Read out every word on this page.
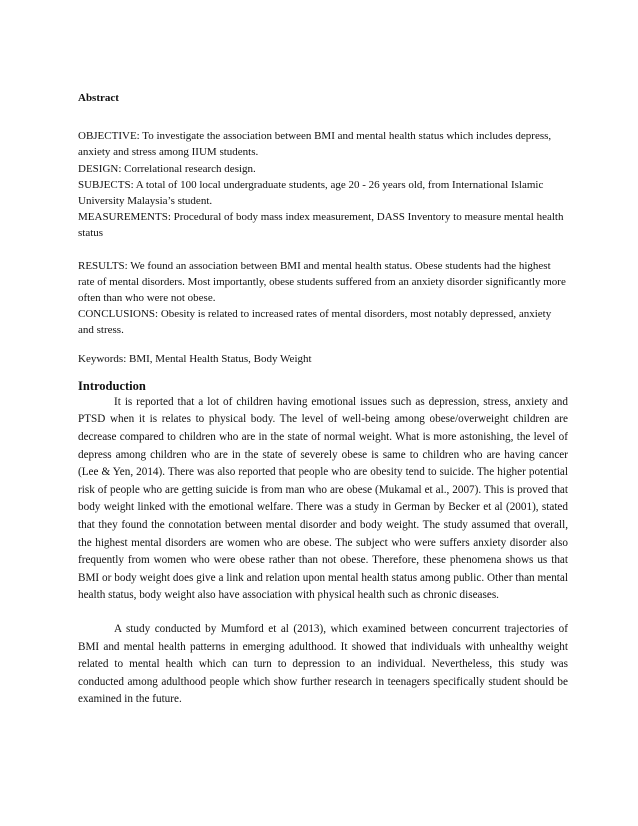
Abstract

OBJECTIVE: To investigate the association between BMI and mental health status which includes depress, anxiety and stress among IIUM students.

DESIGN: Correlational research design.

SUBJECTS: A total of 100 local undergraduate students, age 20 - 26 years old, from International Islamic University Malaysia’s student.

MEASUREMENTS: Procedural of body mass index measurement, DASS Inventory to measure mental health status

RESULTS: We found an association between BMI and mental health status. Obese students had the highest rate of mental disorders. Most importantly, obese students suffered from an anxiety disorder significantly more often than who were not obese.

CONCLUSIONS: Obesity is related to increased rates of mental disorders, most notably depressed, anxiety and stress.

Keywords: BMI, Mental Health Status, Body Weight

Introduction

It is reported that a lot of children having emotional issues such as depression, stress, anxiety and PTSD when it is relates to physical body. The level of well-being among obese/overweight children are decrease compared to children who are in the state of normal weight. What is more astonishing, the level of depress among children who are in the state of severely obese is same to children who are having cancer (Lee & Yen, 2014). There was also reported that people who are obesity tend to suicide. The higher potential risk of people who are getting suicide is from man who are obese (Mukamal et al., 2007). This is proved that body weight linked with the emotional welfare. There was a study in German by Becker et al (2001), stated that they found the connotation between mental disorder and body weight. The study assumed that overall, the highest mental disorders are women who are obese. The subject who were suffers anxiety disorder also frequently from women who were obese rather than not obese. Therefore, these phenomena shows us that BMI or body weight does give a link and relation upon mental health status among public. Other than mental health status, body weight also have association with physical health such as chronic diseases.

A study conducted by Mumford et al (2013), which examined between concurrent trajectories of BMI and mental health patterns in emerging adulthood. It showed that individuals with unhealthy weight related to mental health which can turn to depression to an individual. Nevertheless, this study was conducted among adulthood people which show further research in teenagers specifically student should be examined in the future.
